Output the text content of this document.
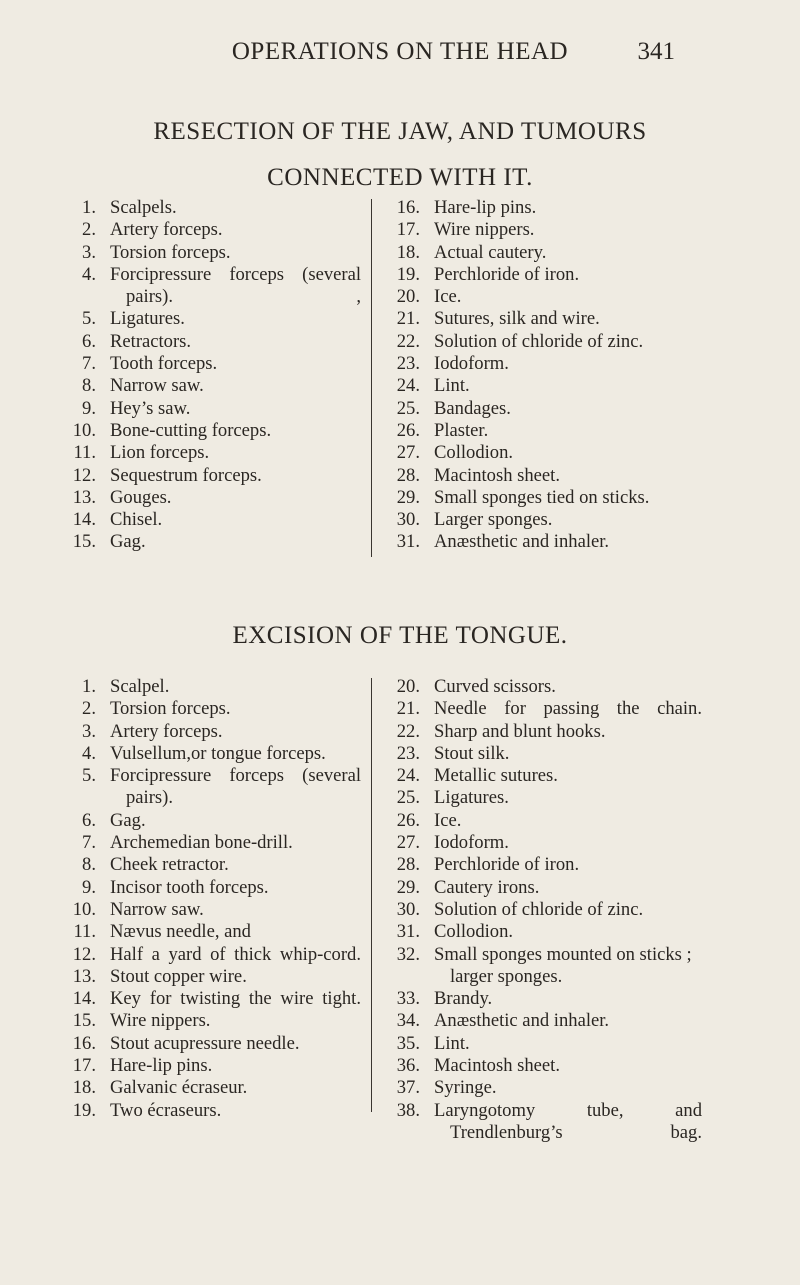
OPERATIONS ON THE HEAD	341
RESECTION OF THE JAW, AND TUMOURS
CONNECTED WITH IT.
1. Scalpels.
2. Artery forceps.
3. Torsion forceps.
4. Forcipressure forceps (several pairs). ,
5. Ligatures.
6. Retractors.
7. Tooth forceps.
8. Narrow saw.
9. Hey’s saw.
10. Bone-cutting forceps.
11. Lion forceps.
12. Sequestrum forceps.
13. Gouges.
14. Chisel.
15. Gag.
16. Hare-lip pins.
17. Wire nippers.
18. Actual cautery.
19. Perchloride of iron.
20. Ice.
21. Sutures, silk and wire.
22. Solution of chloride of zinc.
23. Iodoform.
24. Lint.
25. Bandages.
26. Plaster.
27. Collodion.
28. Macintosh sheet.
29. Small sponges tied on sticks.
30. Larger sponges.
31. Anæsthetic and inhaler.
EXCISION OF THE TONGUE.
1. Scalpel.
2. Torsion forceps.
3. Artery forceps.
4. Vulsellum,or tongue forceps.
5. Forcipressure forceps (several pairs).
6. Gag.
7. Archemedian bone-drill.
8. Cheek retractor.
9. Incisor tooth forceps.
10. Narrow saw.
11. Nævus needle, and
12. Half a yard of thick whip-cord.
13. Stout copper wire.
14. Key for twisting the wire tight.
15. Wire nippers.
16. Stout acupressure needle.
17. Hare-lip pins.
18. Galvanic écraseur.
19. Two écraseurs.
20. Curved scissors.
21. Needle for passing the chain.
22. Sharp and blunt hooks.
23. Stout silk.
24. Metallic sutures.
25. Ligatures.
26. Ice.
27. Iodoform.
28. Perchloride of iron.
29. Cautery irons.
30. Solution of chloride of zinc.
31. Collodion.
32. Small sponges mounted on sticks ; larger sponges.
33. Brandy.
34. Anæsthetic and inhaler.
35. Lint.
36. Macintosh sheet.
37. Syringe.
38. Laryngotomy tube, and Trendlenburg’s bag.
